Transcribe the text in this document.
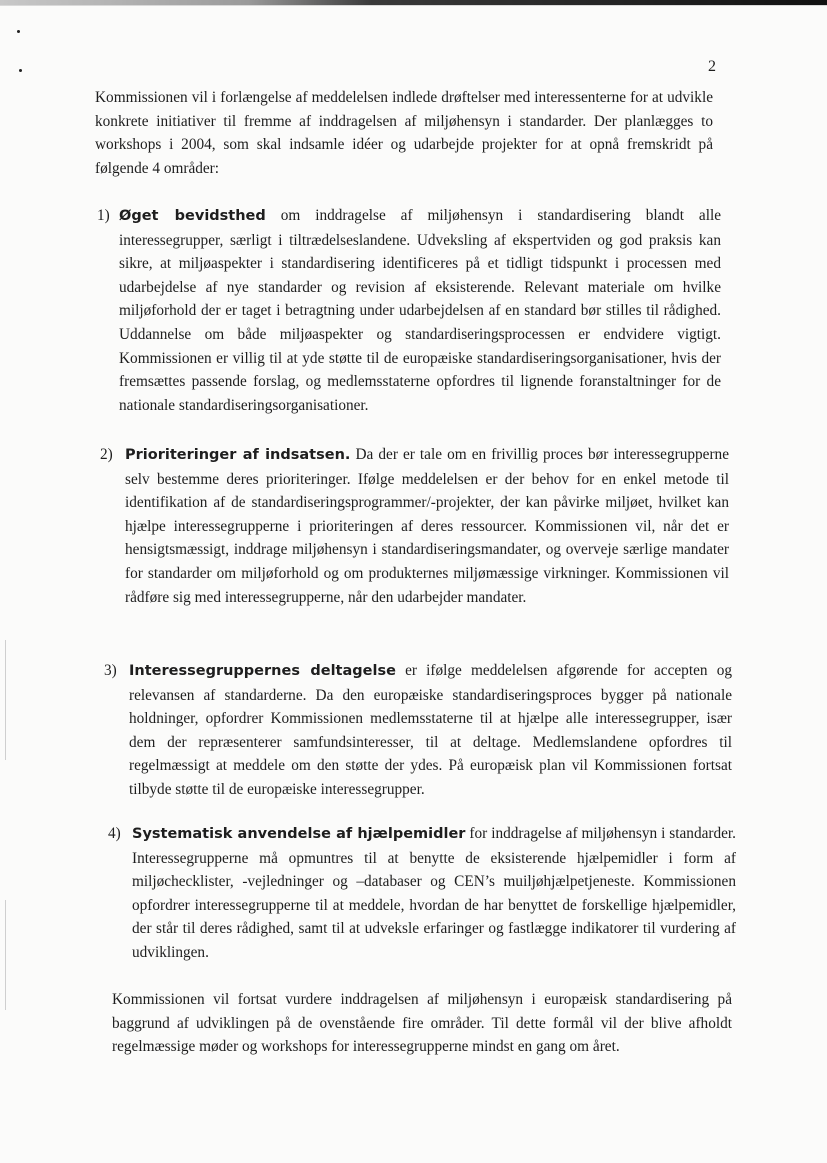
2

Kommissionen vil i forlængelse af meddelelsen indlede drøftelser med interessenterne for at udvikle konkrete initiativer til fremme af inddragelsen af miljøhensyn i standarder. Der planlægges to workshops i 2004, som skal indsamle idéer og udarbejde projekter for at opnå fremskridt på følgende 4 områder:

1) Øget bevidsthed om inddragelse af miljøhensyn i standardisering blandt alle interessegrupper, særligt i tiltrædelseslandene. Udveksling af ekspertviden og god praksis kan sikre, at miljøaspekter i standardisering identificeres på et tidligt tidspunkt i processen med udarbejdelse af nye standarder og revision af eksisterende. Relevant materiale om hvilke miljøforhold der er taget i betragtning under udarbejdelsen af en standard bør stilles til rådighed. Uddannelse om både miljøaspekter og standardiseringsprocessen er endvidere vigtigt. Kommissionen er villig til at yde støtte til de europæiske standardiseringsorganisationer, hvis der fremsættes passende forslag, og medlemsstaterne opfordres til lignende foranstaltninger for de nationale standardiseringsorganisationer.

2) Prioriteringer af indsatsen. Da der er tale om en frivillig proces bør interessegrupperne selv bestemme deres prioriteringer. Ifølge meddelelsen er der behov for en enkel metode til identifikation af de standardiseringsprogrammer/-projekter, der kan påvirke miljøet, hvilket kan hjælpe interessegrupperne i prioriteringen af deres ressourcer. Kommissionen vil, når det er hensigtsmæssigt, inddrage miljøhensyn i standardiseringsmandater, og overveje særlige mandater for standarder om miljøforhold og om produkternes miljømæssige virkninger. Kommissionen vil rådføre sig med interessegrupperne, når den udarbejder mandater.

3) Interessegruppernes deltagelse er ifølge meddelelsen afgørende for accepten og relevansen af standarderne. Da den europæiske standardiseringsproces bygger på nationale holdninger, opfordrer Kommissionen medlemsstaterne til at hjælpe alle interessegrupper, især dem der repræsenterer samfundsinteresser, til at deltage. Medlemslandene opfordres til regelmæssigt at meddele om den støtte der ydes. På europæisk plan vil Kommissionen fortsat tilbyde støtte til de europæiske interessegrupper.

4) Systematisk anvendelse af hjælpemidler for inddragelse af miljøhensyn i standarder. Interessegrupperne må opmuntres til at benytte de eksisterende hjælpemidler i form af miljøchecklister, -vejledninger og –databaser og CEN’s muiljøhjælpetjeneste. Kommissionen opfordrer interessegrupperne til at meddele, hvordan de har benyttet de forskellige hjælpemidler, der står til deres rådighed, samt til at udveksle erfaringer og fastlægge indikatorer til vurdering af udviklingen.

Kommissionen vil fortsat vurdere inddragelsen af miljøhensyn i europæisk standardisering på baggrund af udviklingen på de ovenstående fire områder. Til dette formål vil der blive afholdt regelmæssige møder og workshops for interessegrupperne mindst en gang om året.
